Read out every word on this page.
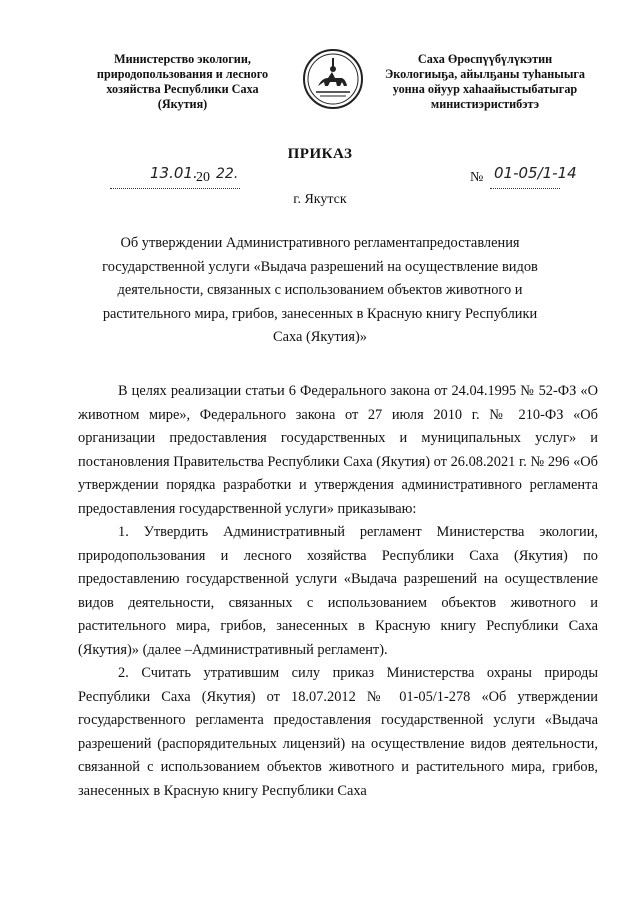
Министерство экологии,
природопользования и лесного
хозяйства Республики Саха
(Якутия)
Саха Өрөспүүбүлүкэтин
Экологиыҕа, айылҕаны туһаныыга
уонна ойуур хаһаайыстыбатыгар
министиэристибэтэ
ПРИКАЗ
13.01.
20 22.	№ 01-05/1-14
г. Якутск
Об утверждении Административного регламентапредоставления государственной услуги «Выдача разрешений на осуществление видов деятельности, связанных с использованием объектов животного и растительного мира, грибов, занесенных в Красную книгу Республики Саха (Якутия)»

В целях реализации статьи 6 Федерального закона от 24.04.1995 № 52-ФЗ «О животном мире», Федерального закона от 27 июля 2010 г. № 210-ФЗ «Об организации предоставления государственных и муниципальных услуг» и постановления Правительства Республики Саха (Якутия) от 26.08.2021 г. № 296 «Об утверждении порядка разработки и утверждения административного регламента предоставления государственной услуги» приказываю:

1. Утвердить Административный регламент Министерства экологии, природопользования и лесного хозяйства Республики Саха (Якутия) по предоставлению государственной услуги «Выдача разрешений на осуществление видов деятельности, связанных с использованием объектов животного и растительного мира, грибов, занесенных в Красную книгу Республики Саха (Якутия)» (далее –Административный регламент).

2. Считать утратившим силу приказ Министерства охраны природы Республики Саха (Якутия) от 18.07.2012 № 01-05/1-278 «Об утверждении государственного регламента предоставления государственной услуги «Выдача разрешений (распорядительных лицензий) на осуществление видов деятельности, связанной с использованием объектов животного и растительного мира, грибов, занесенных в Красную книгу Республики Саха
